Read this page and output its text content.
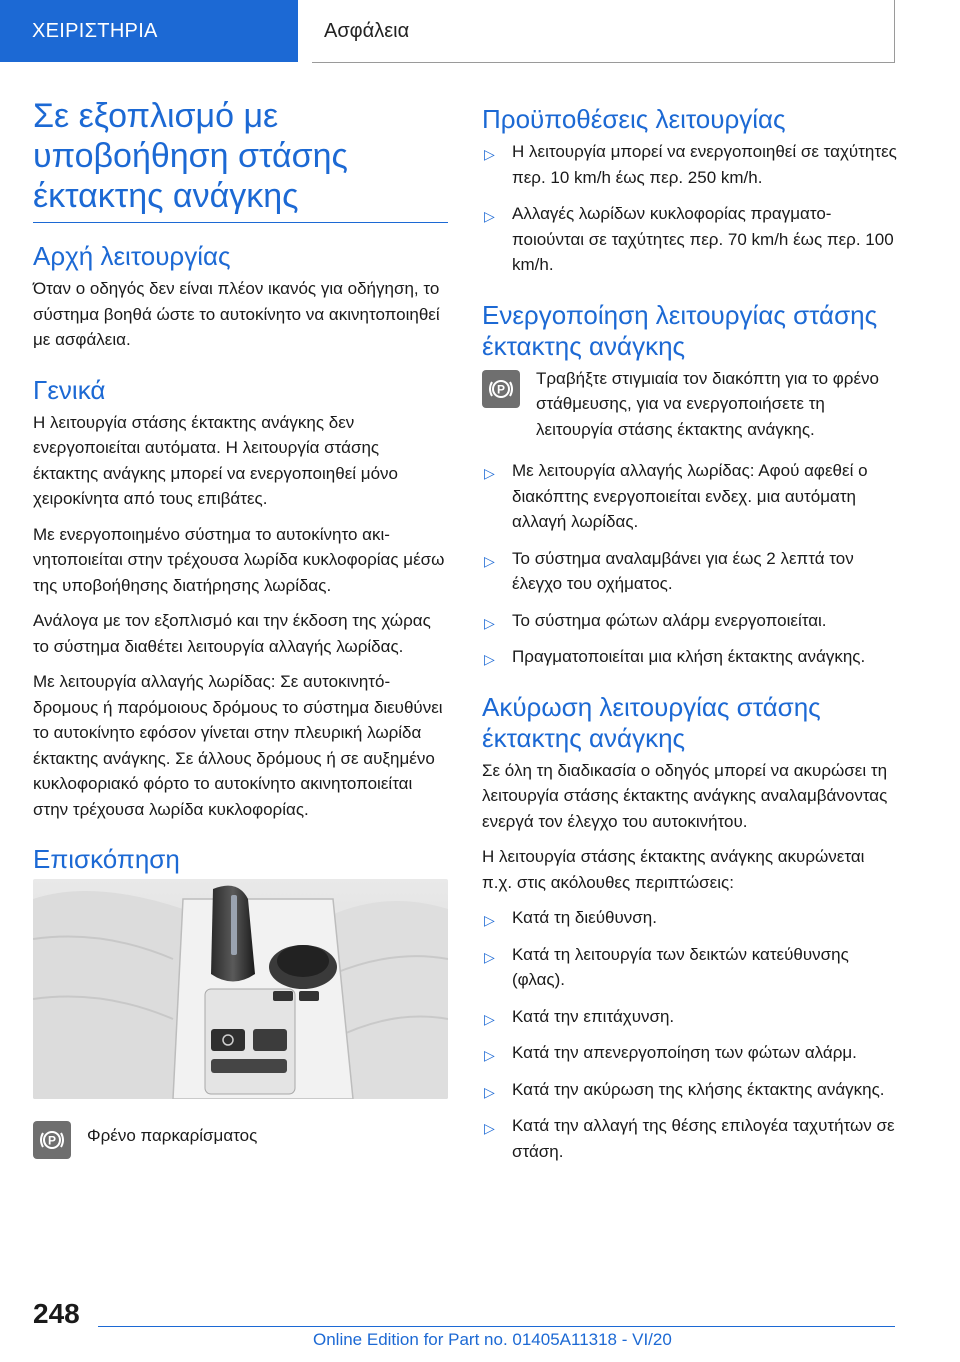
ΧΕΙΡΙΣΤΗΡΙΑ	Ασφάλεια
Σε εξοπλισμό με υποβοήθηση στάσης έκτακτης ανάγκης
Αρχή λειτουργίας

Όταν ο οδηγός δεν είναι πλέον ικανός για οδήγηση, το σύστημα βοηθά ώστε το αυτοκίνητο να ακινητοποιηθεί με ασφάλεια.

Γενικά

Η λειτουργία στάσης έκτακτης ανάγκης δεν ενεργοποιείται αυτόματα. Η λειτουργία στάσης έκτακτης ανάγκης μπορεί να ενεργοποιηθεί μόνο χειροκίνητα από τους επιβάτες.

Με ενεργοποιημένο σύστημα το αυτοκίνητο ακινητοποιείται στην τρέχουσα λωρίδα κυκλοφορίας μέσω της υποβοήθησης διατήρησης λωρίδας.

Ανάλογα με τον εξοπλισμό και την έκδοση της χώρας το σύστημα διαθέτει λειτουργία αλλαγής λωρίδας.

Με λειτουργία αλλαγής λωρίδας: Σε αυτοκινητόδρομους ή παρόμοιους δρόμους το σύστημα διευθύνει το αυτοκίνητο εφόσον γίνεται στην πλευρική λωρίδα έκτακτης ανάγκης. Σε άλλους δρόμους ή σε αυξημένο κυκλοφοριακό φόρτο το αυτοκίνητο ακινητοποιείται στην τρέχουσα λωρίδα κυκλοφορίας.

Επισκόπηση
P Φρένο παρκαρίσματος

Προϋποθέσεις λειτουργίας
▷ Η λειτουργία μπορεί να ενεργοποιηθεί σε ταχύτητες περ. 10 km/h έως περ. 250 km/h.
▷ Αλλαγές λωρίδων κυκλοφορίας πραγματοποιούνται σε ταχύτητες περ. 70 km/h έως περ. 100 km/h.
Ενεργοποίηση λειτουργίας στάσης έκτακτης ανάγκης
P

Τραβήξτε στιγμιαία τον διακόπτη για το φρένο στάθμευσης, για να ενεργοποιήσετε τη λειτουργία στάσης έκτακτης ανάγκης.

▷ Με λειτουργία αλλαγής λωρίδας: Αφού αφεθεί ο διακόπτης ενεργοποιείται ενδεχ. μια αυτόματη αλλαγή λωρίδας.
▷ Το σύστημα αναλαμβάνει για έως 2 λεπτά τον έλεγχο του οχήματος.
▷ Το σύστημα φώτων αλάρμ ενεργοποιείται.
▷ Πραγματοποιείται μια κλήση έκτακτης ανάγκης.
Ακύρωση λειτουργίας στάσης έκτακτης ανάγκης

Σε όλη τη διαδικασία ο οδηγός μπορεί να ακυρώσει τη λειτουργία στάσης έκτακτης ανάγκης αναλαμβάνοντας ενεργά τον έλεγχο του αυτοκινήτου.

Η λειτουργία στάσης έκτακτης ανάγκης ακυρώνεται π.χ. στις ακόλουθες περιπτώσεις:

▷ Κατά τη διεύθυνση.
▷ Κατά τη λειτουργία των δεικτών κατεύθυνσης (φλας).
▷ Κατά την επιτάχυνση.
▷ Κατά την απενεργοποίηση των φώτων αλάρμ.
▷ Κατά την ακύρωση της κλήσης έκτακτης ανάγκης.
▷ Κατά την αλλαγή της θέσης επιλογέα ταχυτήτων σε στάση.
248
Online Edition for Part no. 01405A11318 - VI/20
